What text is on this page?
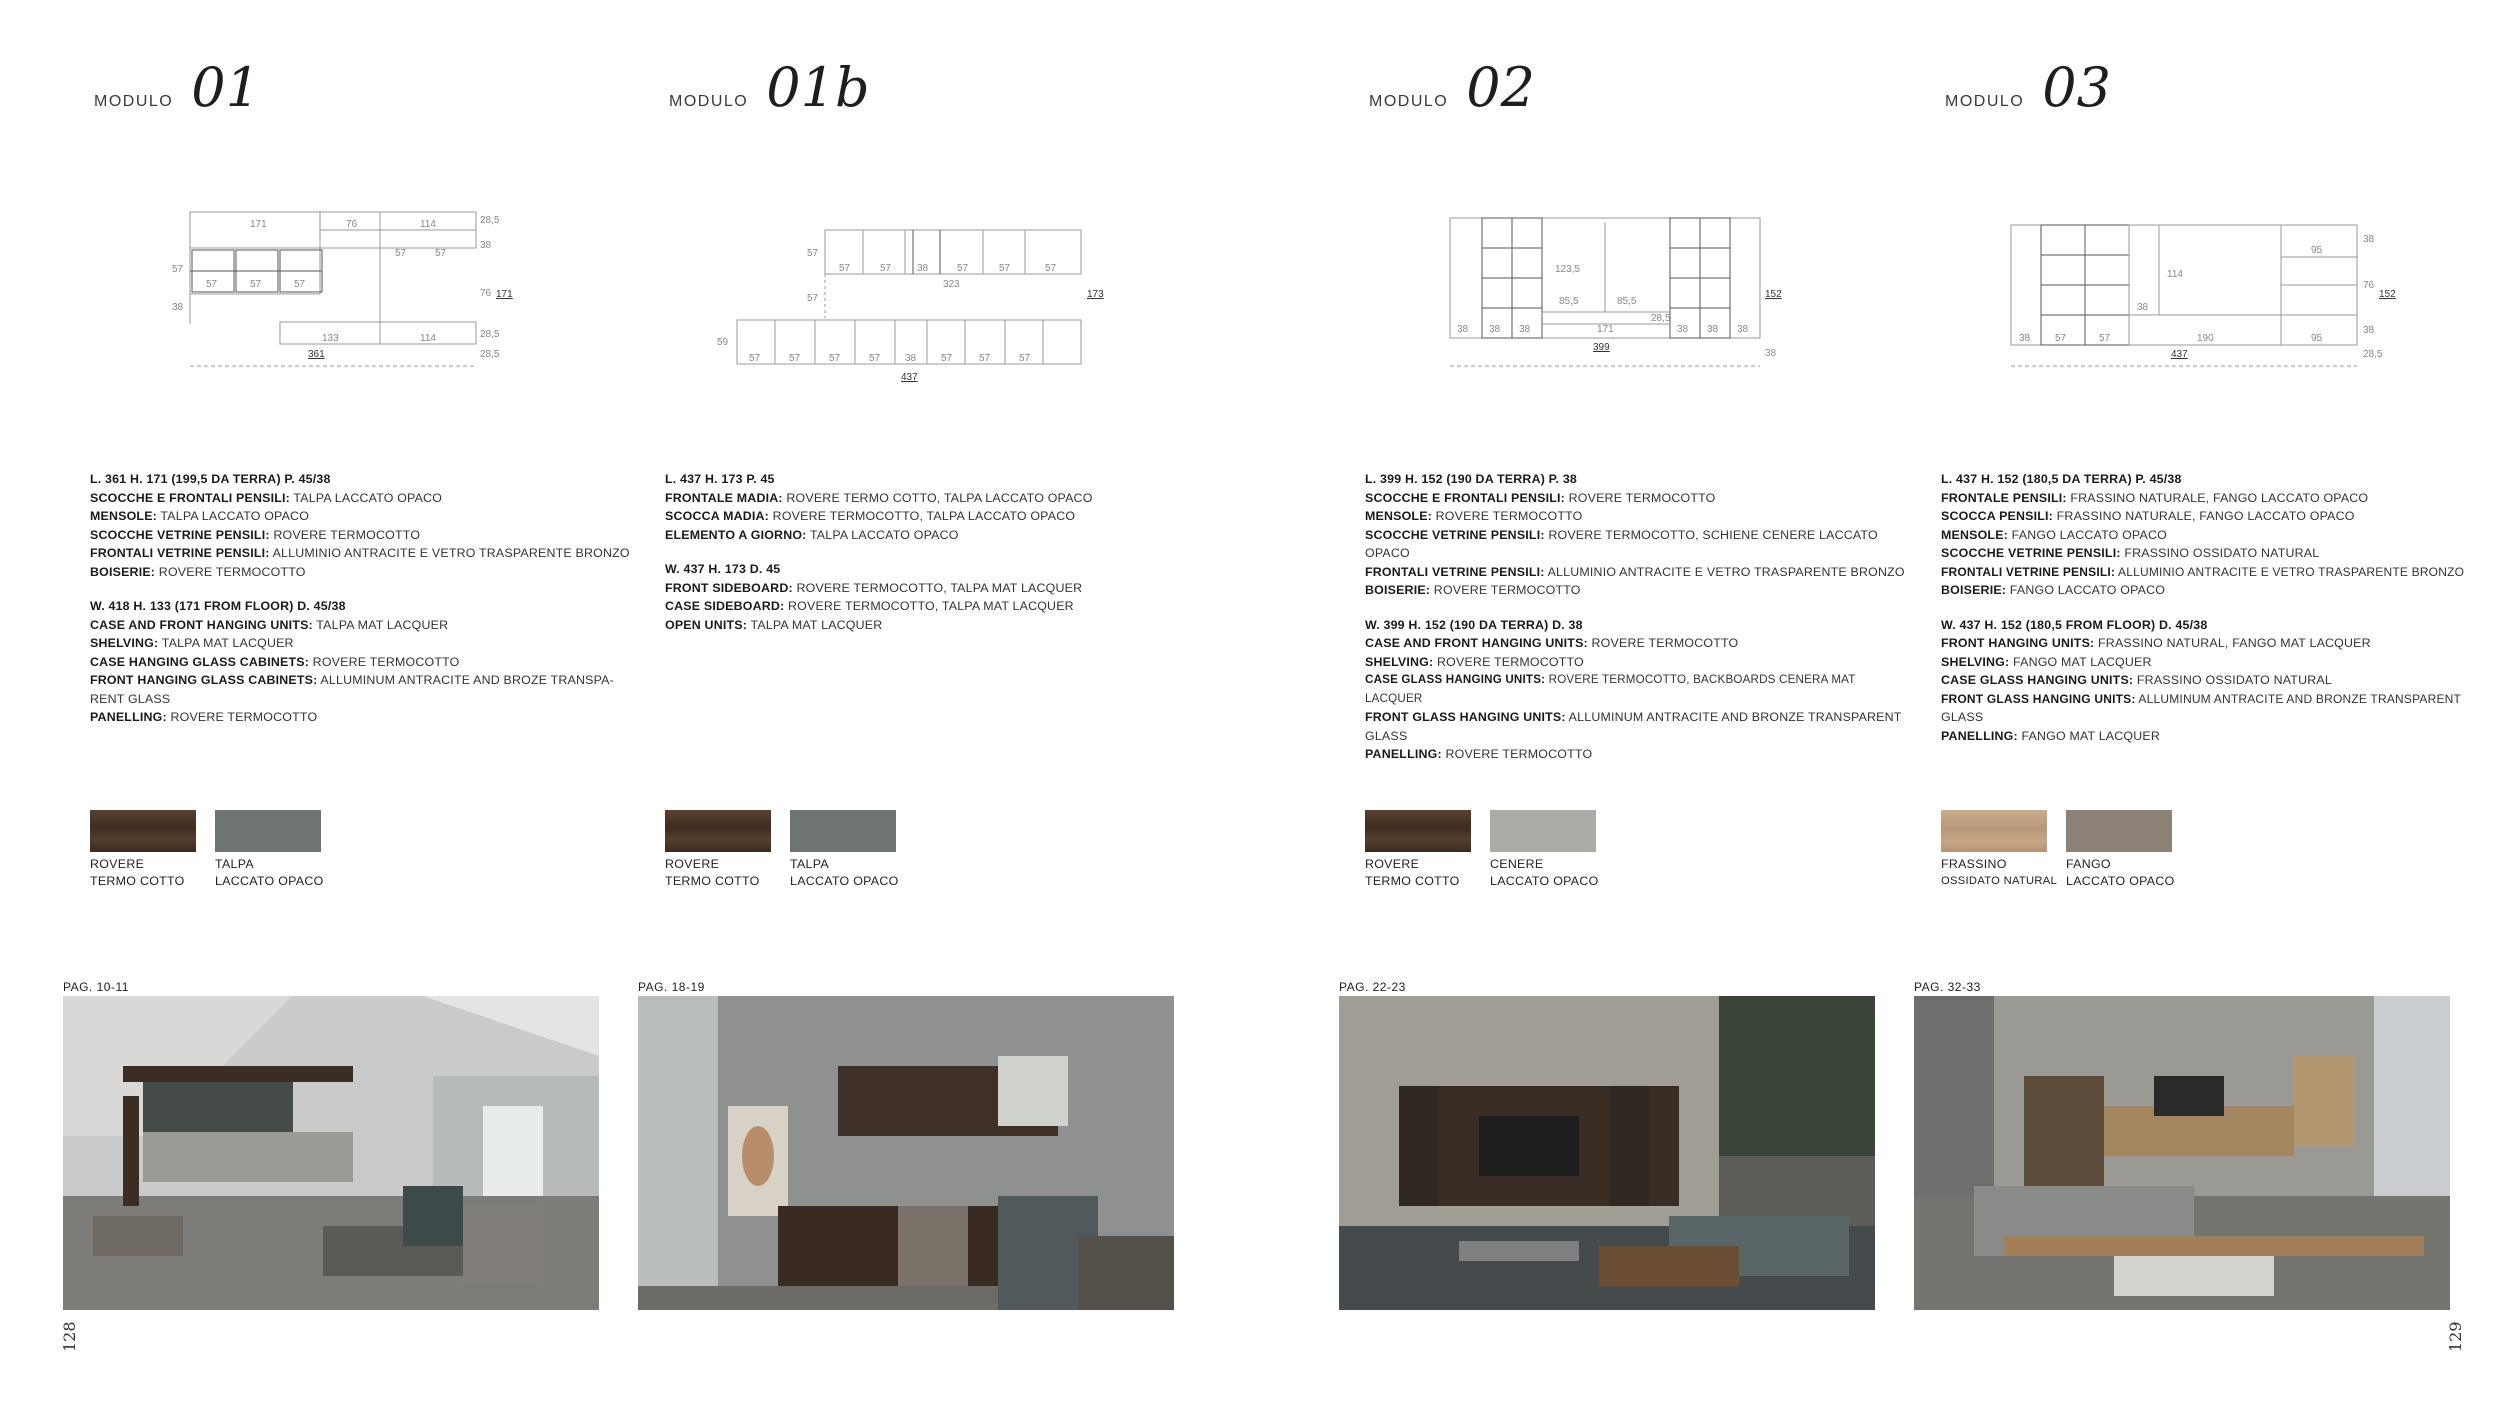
MODULO 01
171	76	114	28,5
38
57	57
57
57	57	57
76 171
38
133	114	28,5
28,5
361
L. 361 H. 171 (199,5 DA TERRA) P. 45/38
SCOCCHE E FRONTALI PENSILI: TALPA LACCATO OPACO
MENSOLE: TALPA LACCATO OPACO
SCOCCHE VETRINE PENSILI: ROVERE TERMOCOTTO
FRONTALI VETRINE PENSILI: ALLUMINIO ANTRACITE E VETRO TRASPARENTE BRONZO
BOISERIE: ROVERE TERMOCOTTO
W. 418 H. 133 (171 FROM FLOOR) D. 45/38
CASE AND FRONT HANGING UNITS: TALPA MAT LACQUER
SHELVING: TALPA MAT LACQUER
CASE HANGING GLASS CABINETS: ROVERE TERMOCOTTO
FRONT HANGING GLASS CABINETS: ALLUMINUM ANTRACITE AND BROZE TRANSPA-
RENT GLASS
PANELLING: ROVERE TERMOCOTTO
ROVERE
TERMO COTTO
TALPA
LACCATO OPACO
MODULO 01b
57
57	57	38	57	57	57
323
173
57
59
57	57	57	57 38 57	57	57
437
L. 437 H. 173 P. 45
FRONTALE MADIA: ROVERE TERMO COTTO, TALPA LACCATO OPACO
SCOCCA MADIA: ROVERE TERMOCOTTO, TALPA LACCATO OPACO
ELEMENTO A GIORNO: TALPA LACCATO OPACO
W. 437 H. 173 D. 45
FRONT SIDEBOARD: ROVERE TERMOCOTTO, TALPA MAT LACQUER
CASE SIDEBOARD: ROVERE TERMOCOTTO, TALPA MAT LACQUER
OPEN UNITS: TALPA MAT LACQUER
ROVERE
TERMO COTTO
TALPA
LACCATO OPACO
MODULO 02
123,5
85,5	85,5
28,5
171
38 38 38	38 38 38
152
38
399
L. 399 H. 152 (190 DA TERRA) P. 38
SCOCCHE E FRONTALI PENSILI: ROVERE TERMOCOTTO
MENSOLE: ROVERE TERMOCOTTO
SCOCCHE VETRINE PENSILI: ROVERE TERMOCOTTO, SCHIENE CENERE LACCATO OPACO
FRONTALI VETRINE PENSILI: ALLUMINIO ANTRACITE E VETRO TRASPARENTE BRONZO
BOISERIE: ROVERE TERMOCOTTO
W. 399 H. 152 (190 DA TERRA) D. 38
CASE AND FRONT HANGING UNITS: ROVERE TERMOCOTTO
SHELVING: ROVERE TERMOCOTTO
CASE GLASS HANGING UNITS: ROVERE TERMOCOTTO, BACKBOARDS CENERA MAT LACQUER
FRONT GLASS HANGING UNITS: ALLUMINUM ANTRACITE AND BRONZE TRANSPARENT
GLASS
PANELLING: ROVERE TERMOCOTTO
ROVERE
TERMO COTTO
CENERE
LACCATO OPACO
MODULO 03
95
114
38
38 57	57	190	95
38
76
152
38
28,5
437
L. 437 H. 152 (180,5 DA TERRA) P. 45/38
FRONTALE PENSILI: FRASSINO NATURALE, FANGO LACCATO OPACO
SCOCCA PENSILI: FRASSINO NATURALE, FANGO LACCATO OPACO
MENSOLE: FANGO LACCATO OPACO
SCOCCHE VETRINE PENSILI: FRASSINO OSSIDATO NATURAL
FRONTALI VETRINE PENSILI: ALLUMINIO ANTRACITE E VETRO TRASPARENTE BRONZO
BOISERIE: FANGO LACCATO OPACO
W. 437 H. 152 (180,5 FROM FLOOR) D. 45/38
FRONT HANGING UNITS: FRASSINO NATURAL, FANGO MAT LACQUER
SHELVING: FANGO MAT LACQUER
CASE GLASS HANGING UNITS: FRASSINO OSSIDATO NATURAL
FRONT GLASS HANGING UNITS: ALLUMINUM ANTRACITE AND BRONZE TRANSPARENT
GLASS
PANELLING: FANGO MAT LACQUER
FRASSINO
OSSIDATO NATURAL
FANGO
LACCATO OPACO
PAG. 10-11	PAG. 18-19	PAG. 22-23	PAG. 32-33
128	129
